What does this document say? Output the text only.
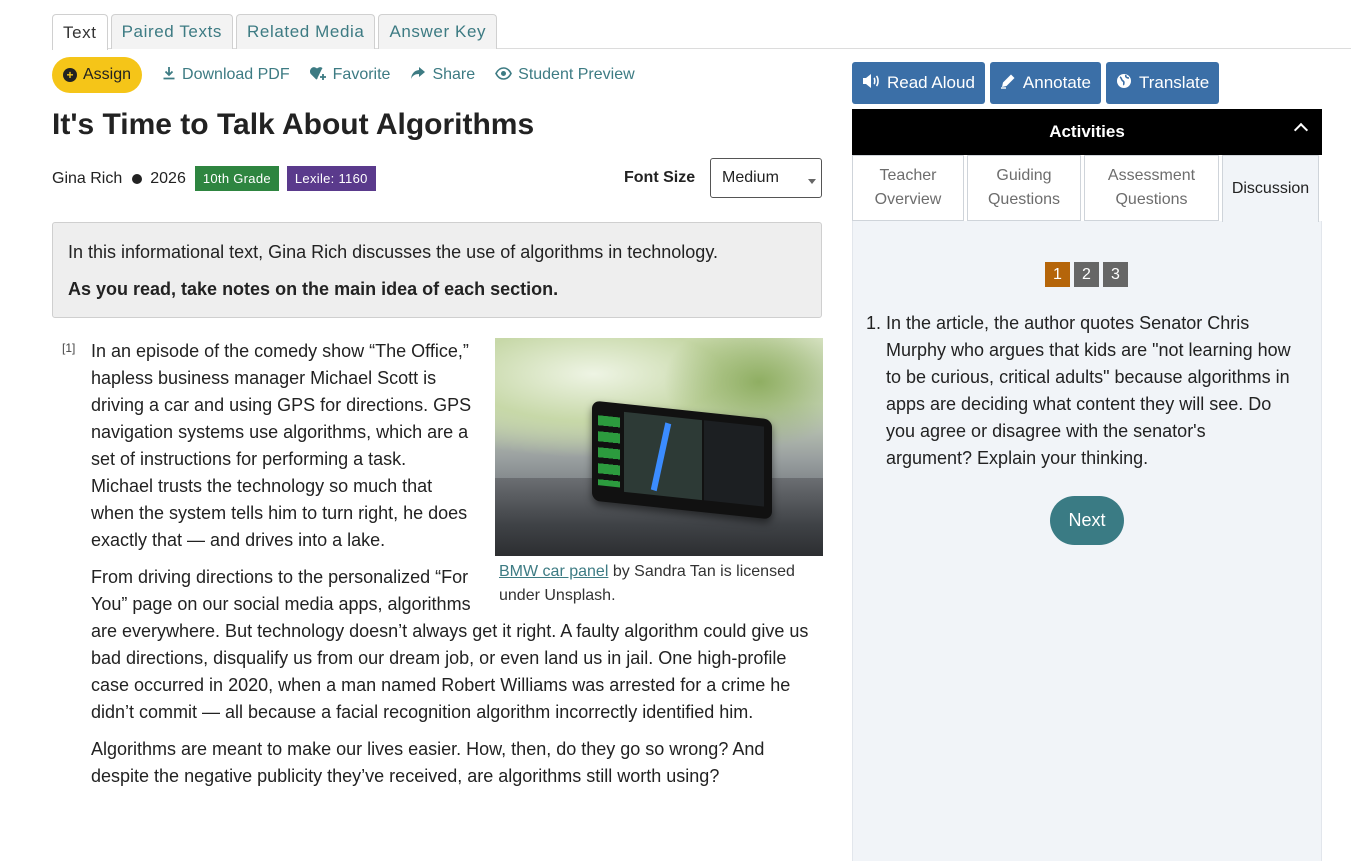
Text	Paired Texts	Related Media	Answer Key
+ Assign	Download PDF	Favorite	Share	Student Preview
It's Time to Talk About Algorithms
Gina Rich 2026	10th Grade	Lexile: 1160	Font Size Medium

In this informational text, Gina Rich discusses the use of algorithms in technology.

As you read, take notes on the main idea of each section.

[1]
BMW car panel by Sandra Tan is licensed under Unsplash.

In an episode of the comedy show “The Office,” hapless business manager Michael Scott is driving a car and using GPS for directions. GPS navigation systems use algorithms, which are a set of instructions for performing a task. Michael trusts the technology so much that when the system tells him to turn right, he does exactly that — and drives into a lake.

From driving directions to the personalized “For You” page on our social media apps, algorithms are everywhere. But technology doesn’t always get it right. A faulty algorithm could give us bad directions, disqualify us from our dream job, or even land us in jail. One high-profile case occurred in 2020, when a man named Robert Williams was arrested for a crime he didn’t commit — all because a facial recognition algorithm incorrectly identified him.

Algorithms are meant to make our lives easier. How, then, do they go so wrong? And despite the negative publicity they’ve received, are algorithms still worth using?

Read Aloud	Annotate	Translate
Activities
Teacher Overview
Guiding Questions
Assessment Questions
Discussion
1	2	3
1. In the article, the author quotes Senator Chris Murphy who argues that kids are "not learning how to be curious, critical adults" because algorithms in apps are deciding what content they will see. Do you agree or disagree with the senator's argument? Explain your thinking.
Next
